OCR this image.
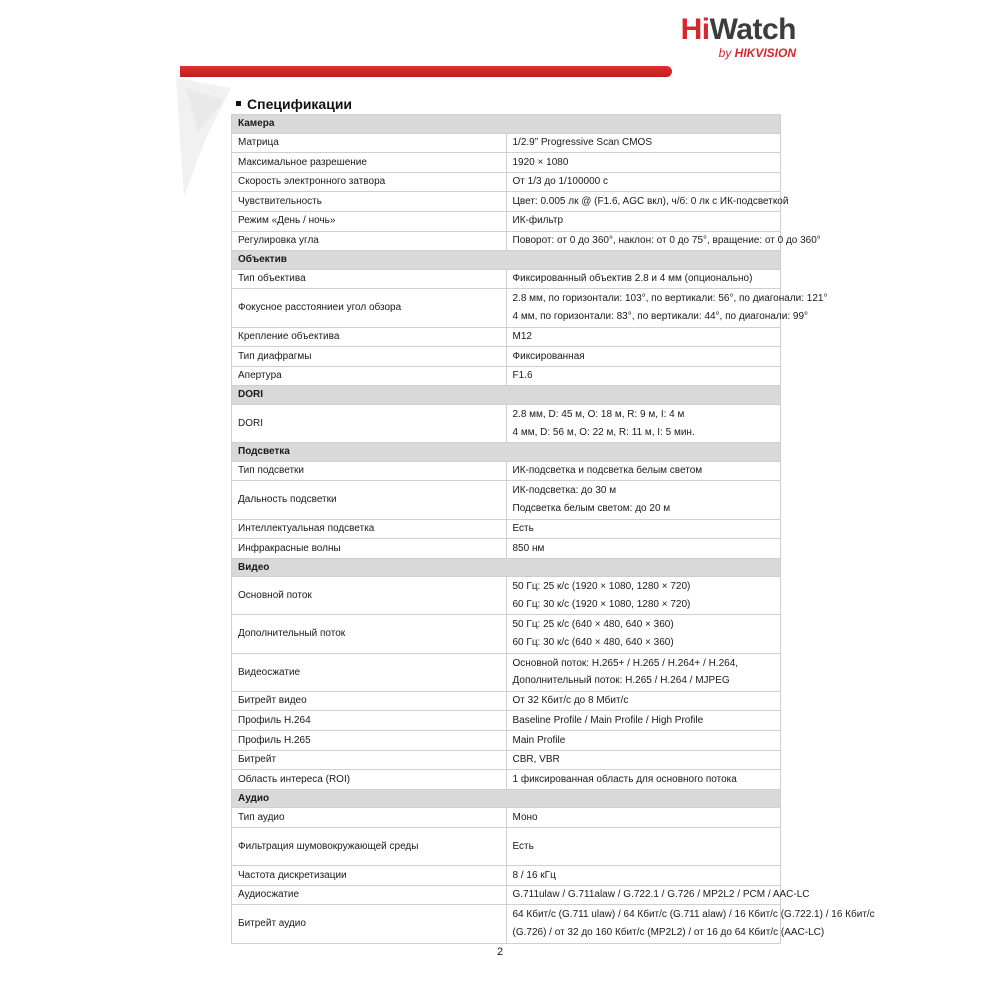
HiWatch
by HIKVISION
Спецификации
Камера	
Матрица	1/2.9” Progressive Scan CMOS

Максимальное разрешение	1920 × 1080

Скорость электронного затвора	От 1/3 до 1/100000 с

Чувствительность	Цвет: 0.005 лк @ (F1.6, AGC вкл), ч/б: 0 лк с ИК-подсветкой

Режим «День / ночь»	ИК-фильтр

Регулировка угла	Поворот: от 0 до 360°, наклон: от 0 до 75°, вращение: от 0 до 360°

Объектив	
Тип объектива	Фиксированный объектив 2.8 и 4 мм (опционально)

Фокусное расстояниеи угол обзора	2.8 мм, по горизонтали: 103°, по вертикали: 56°, по диагонали: 121°
4 мм, по горизонтали: 83°, по вертикали: 44°, по диагонали: 99°

Крепление объектива	M12

Тип диафрагмы	Фиксированная

Апертура	F1.6

DORI	
DORI	2.8 мм, D: 45 м, O: 18 м, R: 9 м, I: 4 м
4 мм, D: 56 м, O: 22 м, R: 11 м, I: 5 мин.

Подсветка	
Тип подсветки	ИК-подсветка и подсветка белым светом

Дальность подсветки	ИК-подсветка: до 30 м
Подсветка белым светом: до 20 м

Интеллектуальная подсветка	Есть

Инфракрасные волны	850 нм

Видео	
Основной поток	50 Гц: 25 к/с (1920 × 1080, 1280 × 720)
60 Гц: 30 к/с (1920 × 1080, 1280 × 720)

Дополнительный поток	50 Гц: 25 к/с (640 × 480, 640 × 360)
60 Гц: 30 к/с (640 × 480, 640 × 360)

Видеосжатие	Основной поток: H.265+ / H.265 / H.264+ / H.264,
Дополнительный поток: H.265 / H.264 / MJPEG

Битрейт видео	От 32 Кбит/с до 8 Мбит/с

Профиль H.264	Baseline Profile / Main Profile / High Profile

Профиль H.265	Main Profile

Битрейт	CBR, VBR

Область интереса (ROI)	1 фиксированная область для основного потока

Аудио	
Тип аудио	Моно

Фильтрация шумовокружающей среды	Есть

Частота дискретизации	8 / 16 кГц

Аудиосжатие	G.711ulaw / G.711alaw / G.722.1 / G.726 / MP2L2 / PCM / AAC-LC

Битрейт аудио	64 Кбит/с (G.711 ulaw) / 64 Кбит/с (G.711 alaw) / 16 Кбит/с (G.722.1) / 16 Кбит/с
(G.726) / от 32 до 160 Кбит/с (MP2L2) / от 16 до 64 Кбит/с (AAC-LC)
2
